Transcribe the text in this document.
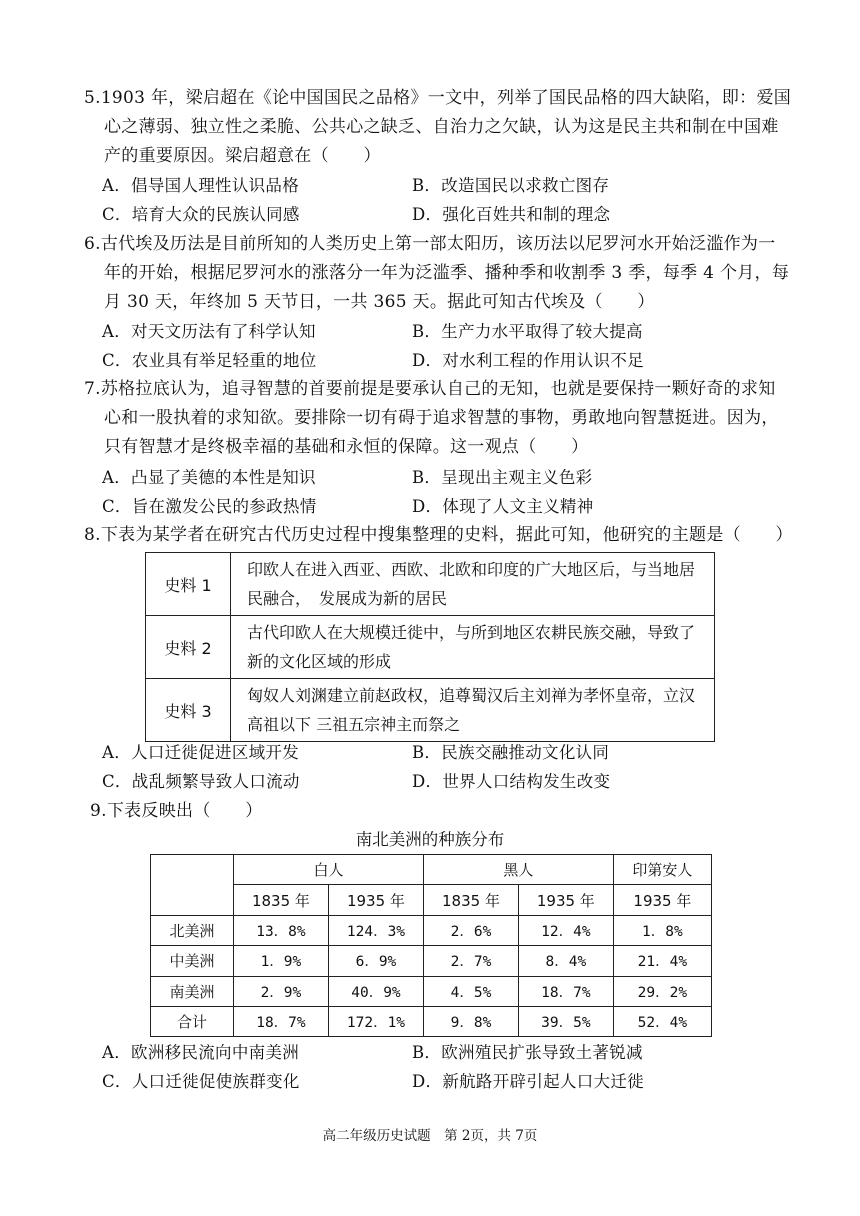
5.1903 年，梁启超在《论中国国民之品格》一文中，列举了国民品格的四大缺陷，即：爱国
心之薄弱、独立性之柔脆、公共心之缺乏、自治力之欠缺，认为这是民主共和制在中国难
产的重要原因。梁启超意在（　　）
A．倡导国人理性认识品格	B．改造国民以求救亡图存
C．培育大众的民族认同感	D．强化百姓共和制的理念
6.古代埃及历法是目前所知的人类历史上第一部太阳历，该历法以尼罗河水开始泛滥作为一
年的开始，根据尼罗河水的涨落分一年为泛滥季、播种季和收割季 3 季，每季 4 个月，每
月 30 天，年终加 5 天节日，一共 365 天。据此可知古代埃及（　　）
A．对天文历法有了科学认知	B．生产力水平取得了较大提高
C．农业具有举足轻重的地位	D．对水利工程的作用认识不足
7.苏格拉底认为，追寻智慧的首要前提是要承认自己的无知，也就是要保持一颗好奇的求知
心和一股执着的求知欲。要排除一切有碍于追求智慧的事物，勇敢地向智慧挺进。因为，
只有智慧才是终极幸福的基础和永恒的保障。这一观点（　　）
A．凸显了美德的本性是知识	B．呈现出主观主义色彩
C．旨在激发公民的参政热情	D．体现了人文主义精神
8.下表为某学者在研究古代历史过程中搜集整理的史料，据此可知，他研究的主题是（　　）
史料 1	印欧人在进入西亚、西欧、北欧和印度的广大地区后，与当地居民融合，　发展成为新的居民
史料 2	古代印欧人在大规模迁徙中，与所到地区农耕民族交融，导致了新的文化区域的形成
史料 3	匈奴人刘渊建立前赵政权，追尊蜀汉后主刘禅为孝怀皇帝，立汉高祖以下 三祖五宗神主而祭之
A．人口迁徙促进区域开发	B．民族交融推动文化认同
C．战乱频繁导致人口流动	D．世界人口结构发生改变
9.下表反映出（　　）
南北美洲的种族分布
	白人		黑人		印第安人
	1835 年	1935 年	1835 年	1935 年	1935 年
北美洲	13．8%	124．3%	2．6%	12．4%	1．8%
中美洲	1．9%	6．9%	2．7%	8．4%	21．4%
南美洲	2．9%	40．9%	4．5%	18．7%	29．2%
合计	18．7%	172．1%	9．8%	39．5%	52．4%
A．欧洲移民流向中南美洲	B．欧洲殖民扩张导致土著锐减
C．人口迁徙促使族群变化	D．新航路开辟引起人口大迁徙
高二年级历史试题　第 2页，共 7页
